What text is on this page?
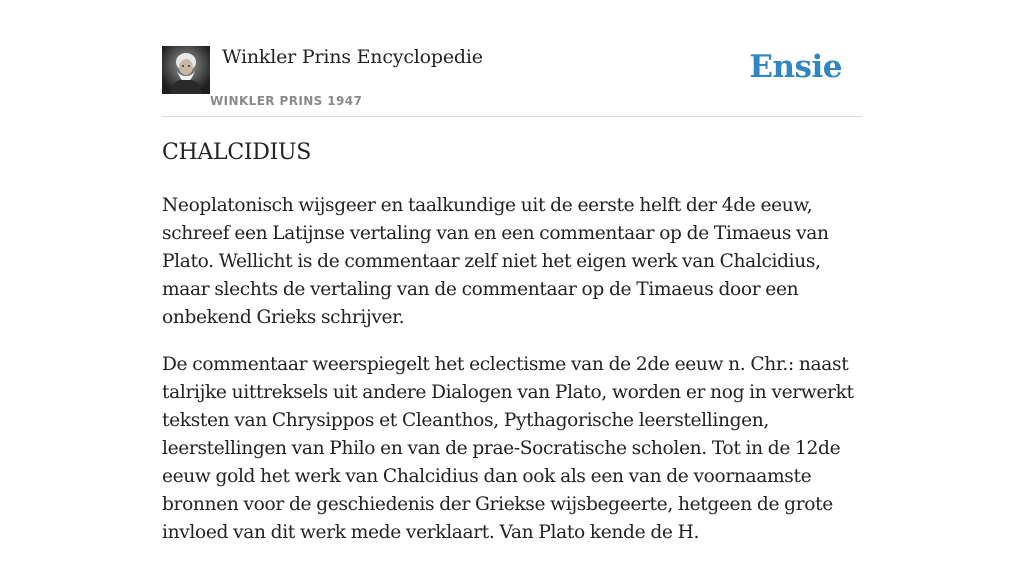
Winkler Prins Encyclopedie
WINKLER PRINS 1947
Ensie
CHALCIDIUS

Neoplatonisch wijsgeer en taalkundige uit de eerste helft der 4de eeuw, schreef een Latijnse vertaling van en een commentaar op de Timaeus van Plato. Wellicht is de commentaar zelf niet het eigen werk van Chalcidius, maar slechts de vertaling van de commentaar op de Timaeus door een onbekend Grieks schrijver.

De commentaar weerspiegelt het eclectisme van de 2de eeuw n. Chr.: naast talrijke uittreksels uit andere Dialogen van Plato, worden er nog in verwerkt teksten van Chrysippos et Cleanthos, Pythagorische leerstellingen, leerstellingen van Philo en van de prae-Socratische scholen. Tot in de 12de eeuw gold het werk van Chalcidius dan ook als een van de voornaamste bronnen voor de geschiedenis der Griekse wijsbegeerte, hetgeen de grote invloed van dit werk mede verklaart. Van Plato kende de H.
